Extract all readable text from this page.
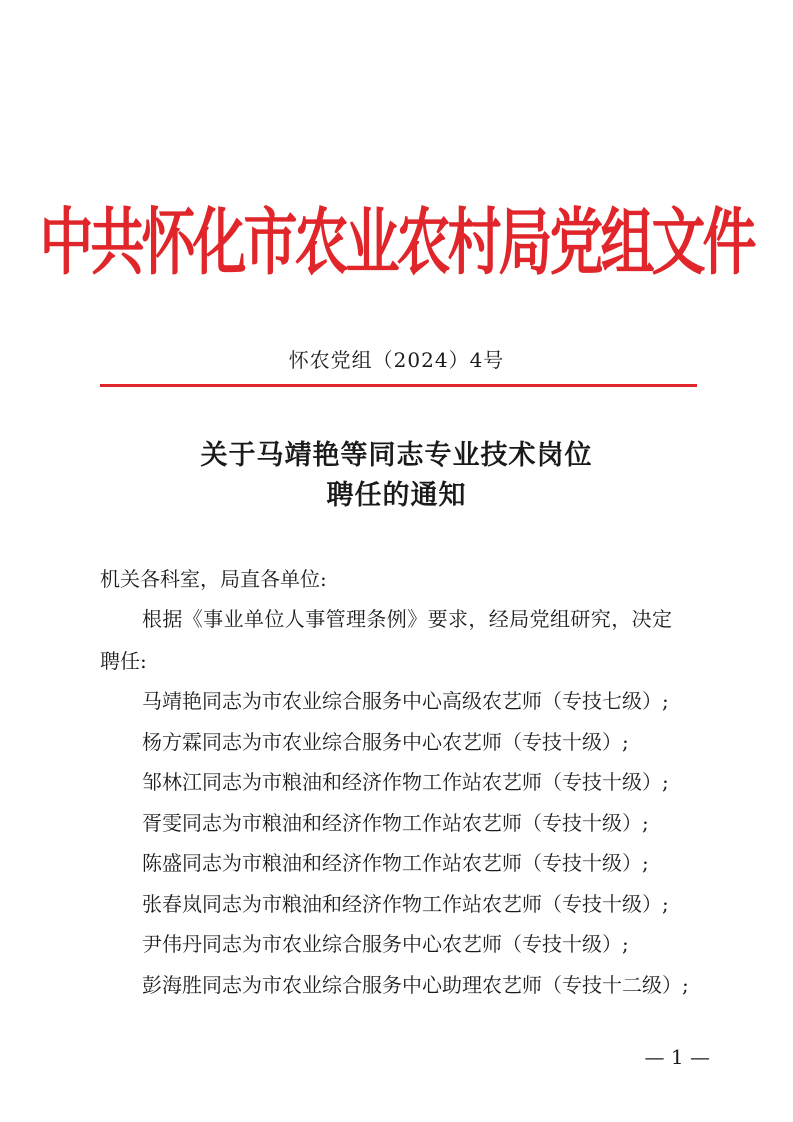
中共怀化市农业农村局党组文件
怀农党组（2024）4号
关于马靖艳等同志专业技术岗位
聘任的通知
机关各科室，局直各单位:
根据《事业单位人事管理条例》要求，经局党组研究，决定
聘任:
马靖艳同志为市农业综合服务中心高级农艺师（专技七级）;
杨方霖同志为市农业综合服务中心农艺师（专技十级）;
邹林江同志为市粮油和经济作物工作站农艺师（专技十级）;
胥雯同志为市粮油和经济作物工作站农艺师（专技十级）;
陈盛同志为市粮油和经济作物工作站农艺师（专技十级）;
张春岚同志为市粮油和经济作物工作站农艺师（专技十级）;
尹伟丹同志为市农业综合服务中心农艺师（专技十级）;
彭海胜同志为市农业综合服务中心助理农艺师（专技十二级）;
— 1 —
